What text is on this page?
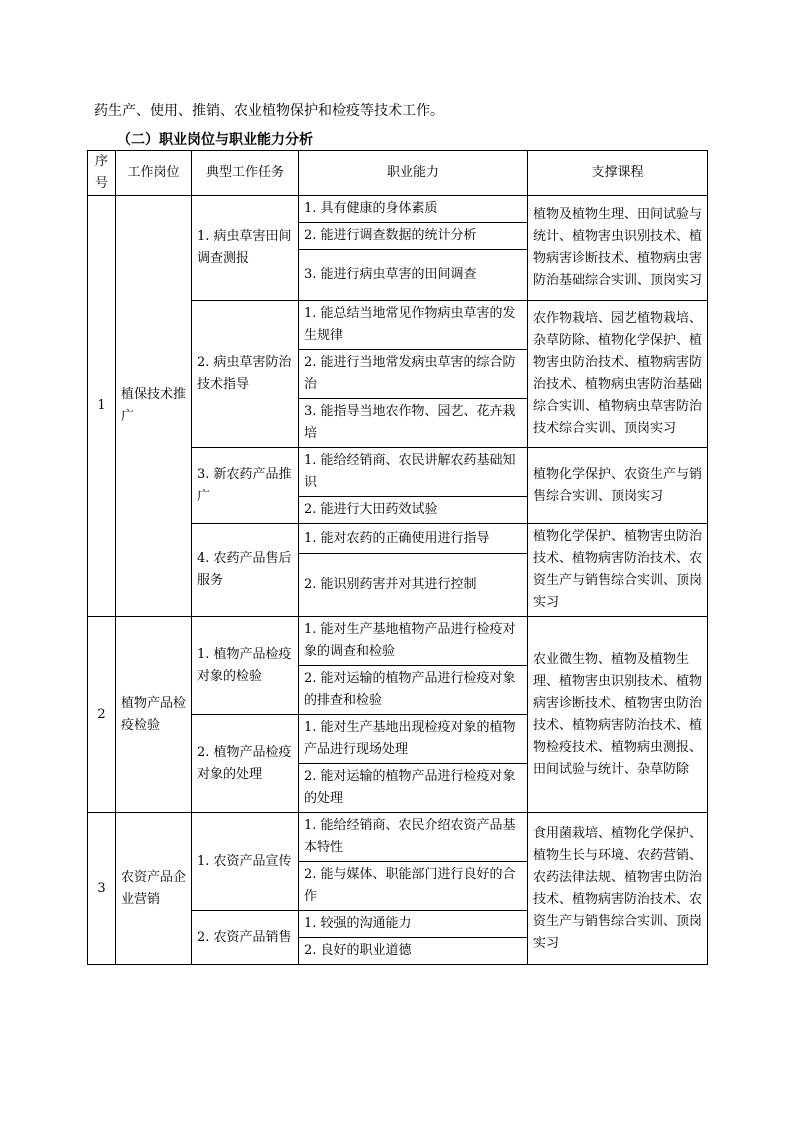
药生产、使用、推销、农业植物保护和检疫等技术工作。
（二）职业岗位与职业能力分析
序号	工作岗位	典型工作任务	职业能力	支撑课程
1	植保技术推广	1. 病虫草害田间调查测报	1. 具有健康的身体素质	植物及植物生理、田间试验与统计、植物害虫识别技术、植物病害诊断技术、植物病虫害防治基础综合实训、顶岗实习
			2. 能进行调查数据的统计分析	
			3. 能进行病虫草害的田间调查	
		2. 病虫草害防治技术指导	1. 能总结当地常见作物病虫草害的发生规律	农作物栽培、园艺植物栽培、杂草防除、植物化学保护、植物害虫防治技术、植物病害防治技术、植物病虫害防治基础综合实训、植物病虫草害防治技术综合实训、顶岗实习
			2. 能进行当地常发病虫草害的综合防治	
			3. 能指导当地农作物、园艺、花卉栽培	
		3. 新农药产品推广	1. 能给经销商、农民讲解农药基础知识	植物化学保护、农资生产与销售综合实训、顶岗实习
			2. 能进行大田药效试验	
		4. 农药产品售后服务	1. 能对农药的正确使用进行指导	植物化学保护、植物害虫防治技术、植物病害防治技术、农资生产与销售综合实训、顶岗实习
			2. 能识别药害并对其进行控制	
2	植物产品检疫检验	1. 植物产品检疫对象的检验	1. 能对生产基地植物产品进行检疫对象的调查和检验	农业微生物、植物及植物生理、植物害虫识别技术、植物病害诊断技术、植物害虫防治技术、植物病害防治技术、植物检疫技术、植物病虫测报、田间试验与统计、杂草防除
			2. 能对运输的植物产品进行检疫对象的排查和检验	
		2. 植物产品检疫对象的处理	1. 能对生产基地出现检疫对象的植物产品进行现场处理	
			2. 能对运输的植物产品进行检疫对象的处理	
3	农资产品企业营销	1. 农资产品宣传	1. 能给经销商、农民介绍农资产品基本特性	食用菌栽培、植物化学保护、植物生长与环境、农药营销、农药法律法规、植物害虫防治技术、植物病害防治技术、农资生产与销售综合实训、顶岗实习
			2. 能与媒体、职能部门进行良好的合作	
		2. 农资产品销售	1. 较强的沟通能力	
			2. 良好的职业道德	
